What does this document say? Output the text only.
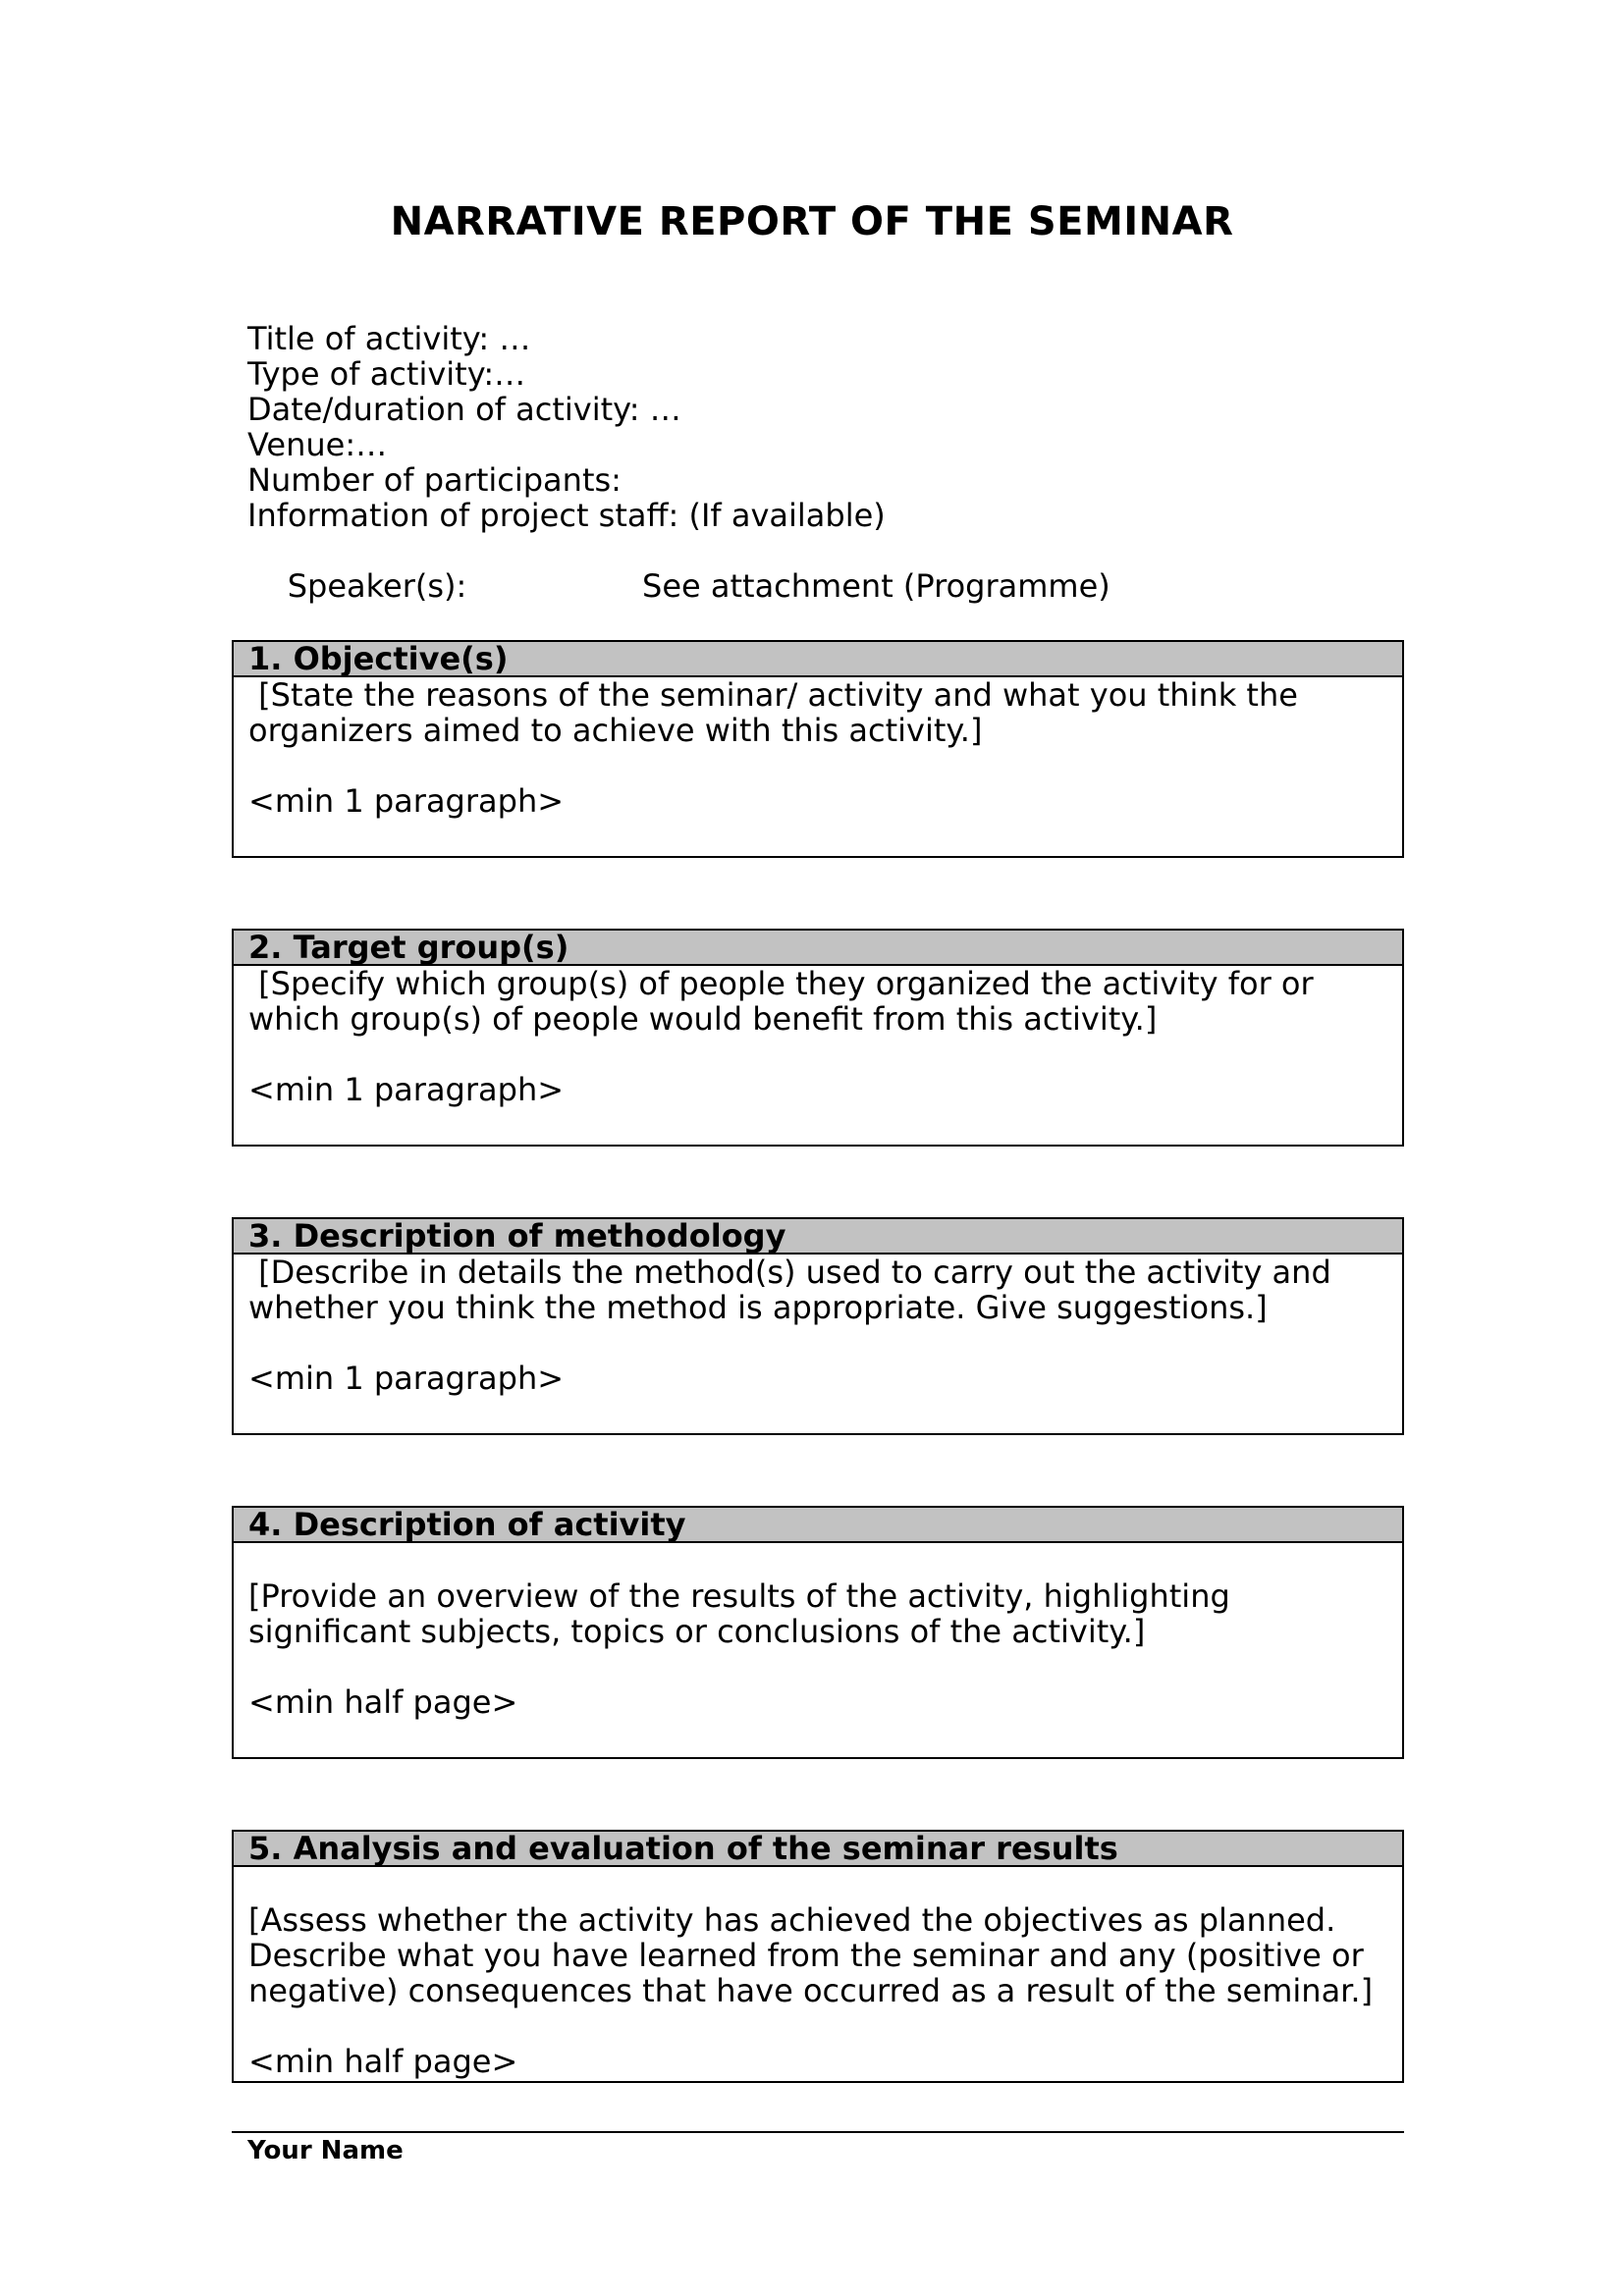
NARRATIVE REPORT OF THE SEMINAR
Title of activity: …
Type of activity:…
Date/duration of activity: …
Venue:…
Number of participants:
Information of project staff: (If available)

Speaker(s):	See attachment (Programme)

1. Objective(s)

[State the reasons of the seminar/ activity and what you think the organizers aimed to achieve with this activity.]

<min 1 paragraph>

2. Target group(s)

[Specify which group(s) of people they organized the activity for or which group(s) of people would benefit from this activity.]

<min 1 paragraph>

3. Description of methodology

[Describe in details the method(s) used to carry out the activity and whether you think the method is appropriate. Give suggestions.]

<min 1 paragraph>

4. Description of activity

[Provide an overview of the results of the activity, highlighting significant subjects, topics or conclusions of the activity.]

<min half page>

5. Analysis and evaluation of the seminar results

[Assess whether the activity has achieved the objectives as planned. Describe what you have learned from the seminar and any (positive or negative) consequences that have occurred as a result of the seminar.]

<min half page>

Your Name
